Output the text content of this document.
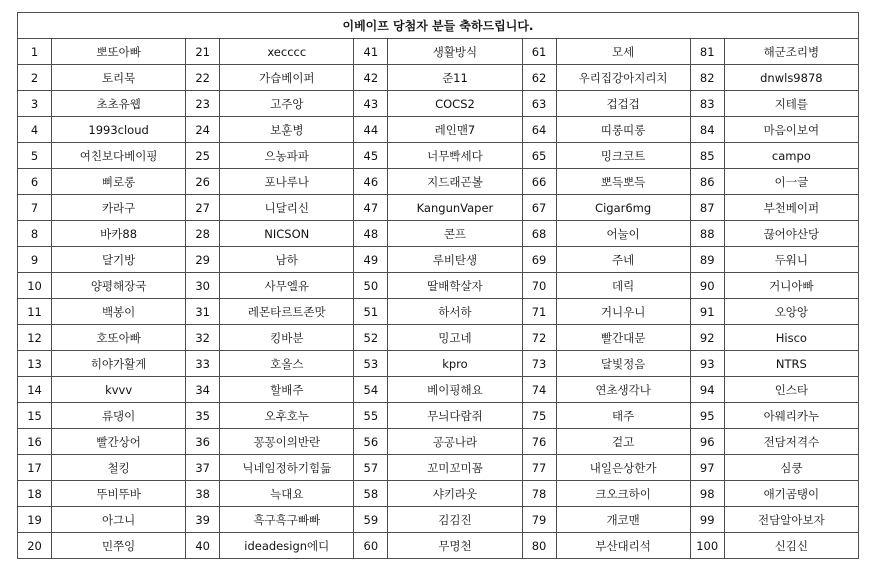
이베이프 당첨자 분들 축하드립니다.									
1	뽀또아빠	21	xecccc	41	생활방식	61	모세	81	해군조리병
2	토리묵	22	가습베이퍼	42	준11	62	우리집강아지리치	82	dnwls9878
3	초초유웹	23	고주앙	43	COCS2	63	겁겁겁	83	지테를
4	1993cloud	24	보훈병	44	레인맨7	64	띠롱띠롱	84	마음이보여
5	여친보다베이핑	25	으농파파	45	너무빡세다	65	밍크코트	85	campo
6	삐로롱	26	포나루나	46	지드래곤볼	66	뽀득뽀득	86	이一글
7	카라구	27	니달리신	47	KangunVaper	67	Cigar6mg	87	부천베이퍼
8	바카88	28	NICSON	48	콘프	68	어눌이	88	끊어야산당
9	달기방	29	남하	49	루비탄생	69	주네	89	두워니
10	양평해장국	30	사무엘유	50	딸배학살자	70	데릭	90	거니아빠
11	백봉이	31	레몬타르트존맛	51	하서하	71	거니우니	91	오앙앙
12	호또아빠	32	킹바분	52	밍고네	72	빨간대문	92	Hisco
13	히야가활게	33	호올스	53	kpro	73	달빛정음	93	NTRS
14	kvvv	34	할배주	54	베이핑해요	74	연초생각나	94	인스타
15	류댕이	35	오후호누	55	무늬다람쥐	75	태주	95	아웨리카누
16	빨간상어	36	꽁꽁이의반란	56	공공나라	76	겉고	96	전담저격수
17	철킹	37	닉네임정하기힘듦	57	꼬미꼬미꼼	77	내일은상한가	97	심쿵
18	뚜비뚜바	38	늑대요	58	샤키라웃	78	크오크하이	98	애기곰탱이
19	아그니	39	흑구흑구빠빠	59	김김진	79	개코맨	99	전담알아보자
20	민쭈잉	40	ideadesign에디	60	무명천	80	부산대리석	100	신김신
